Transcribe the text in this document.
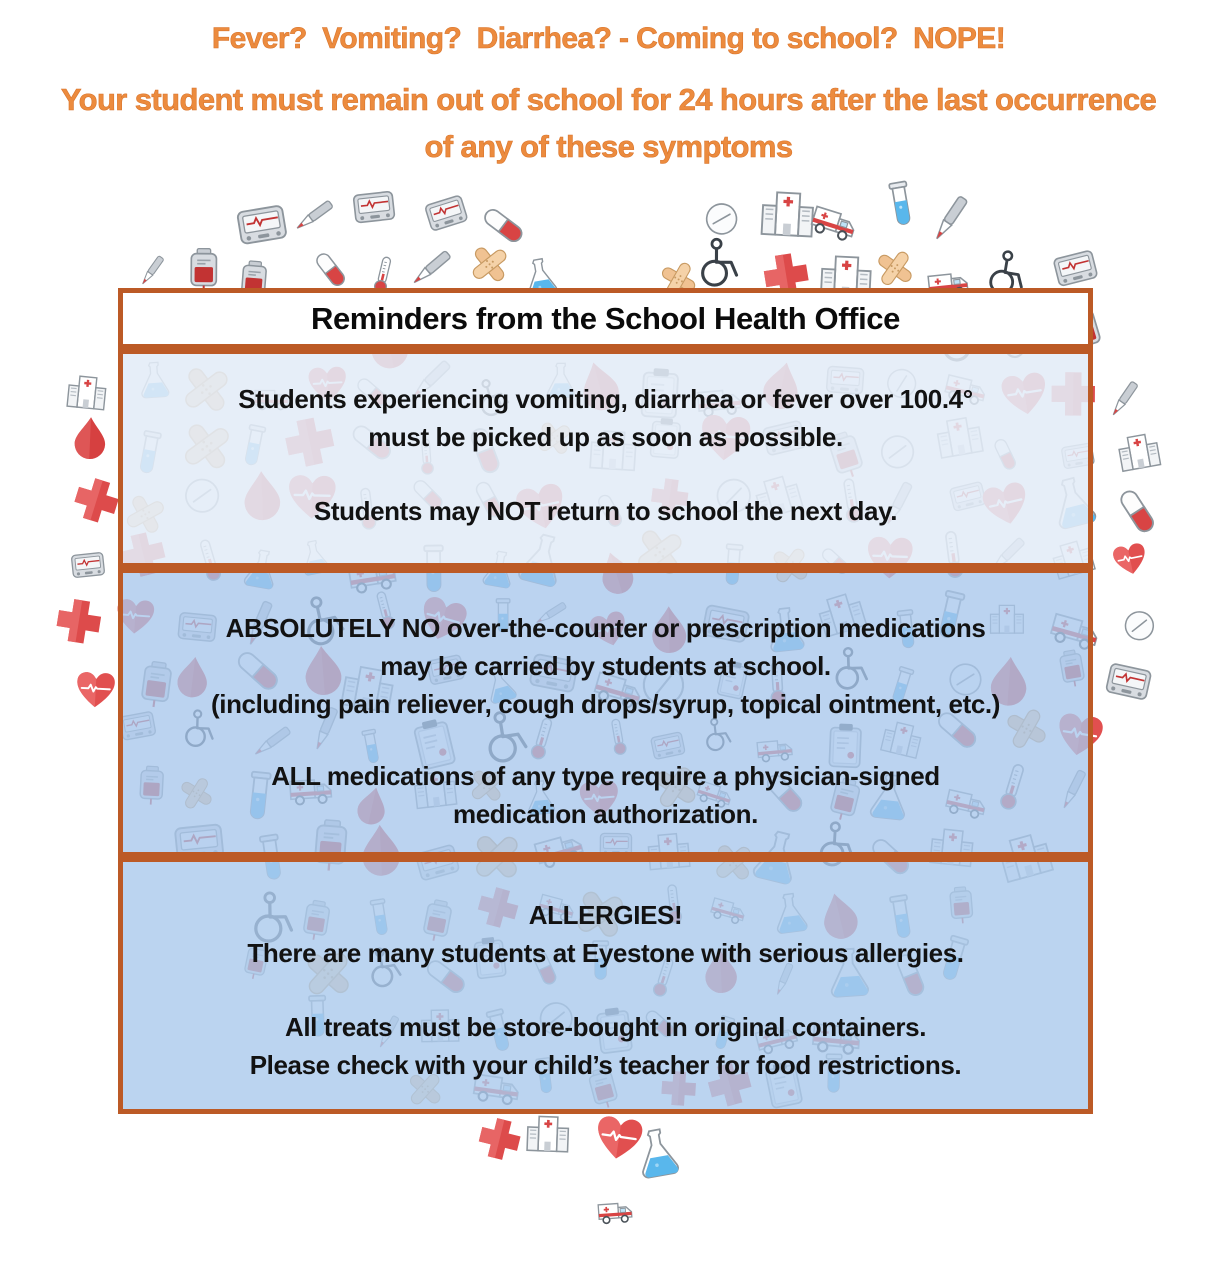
Fever?  Vomiting?  Diarrhea? - Coming to school?  NOPE!
Your student must remain out of school for 24 hours after the last occurrence
of any of these symptoms
Reminders from the School Health Office

Students experiencing vomiting, diarrhea or fever over 100.4°

must be picked up as soon as possible.

Students may NOT return to school the next day.

ABSOLUTELY NO over-the-counter or prescription medications

may be carried by students at school.

(including pain reliever, cough drops/syrup, topical ointment, etc.)

ALL medications of any type require a physician-signed

medication authorization.

ALLERGIES!

There are many students at Eyestone with serious allergies.

All treats must be store-bought in original containers.

Please check with your child’s teacher for food restrictions.
